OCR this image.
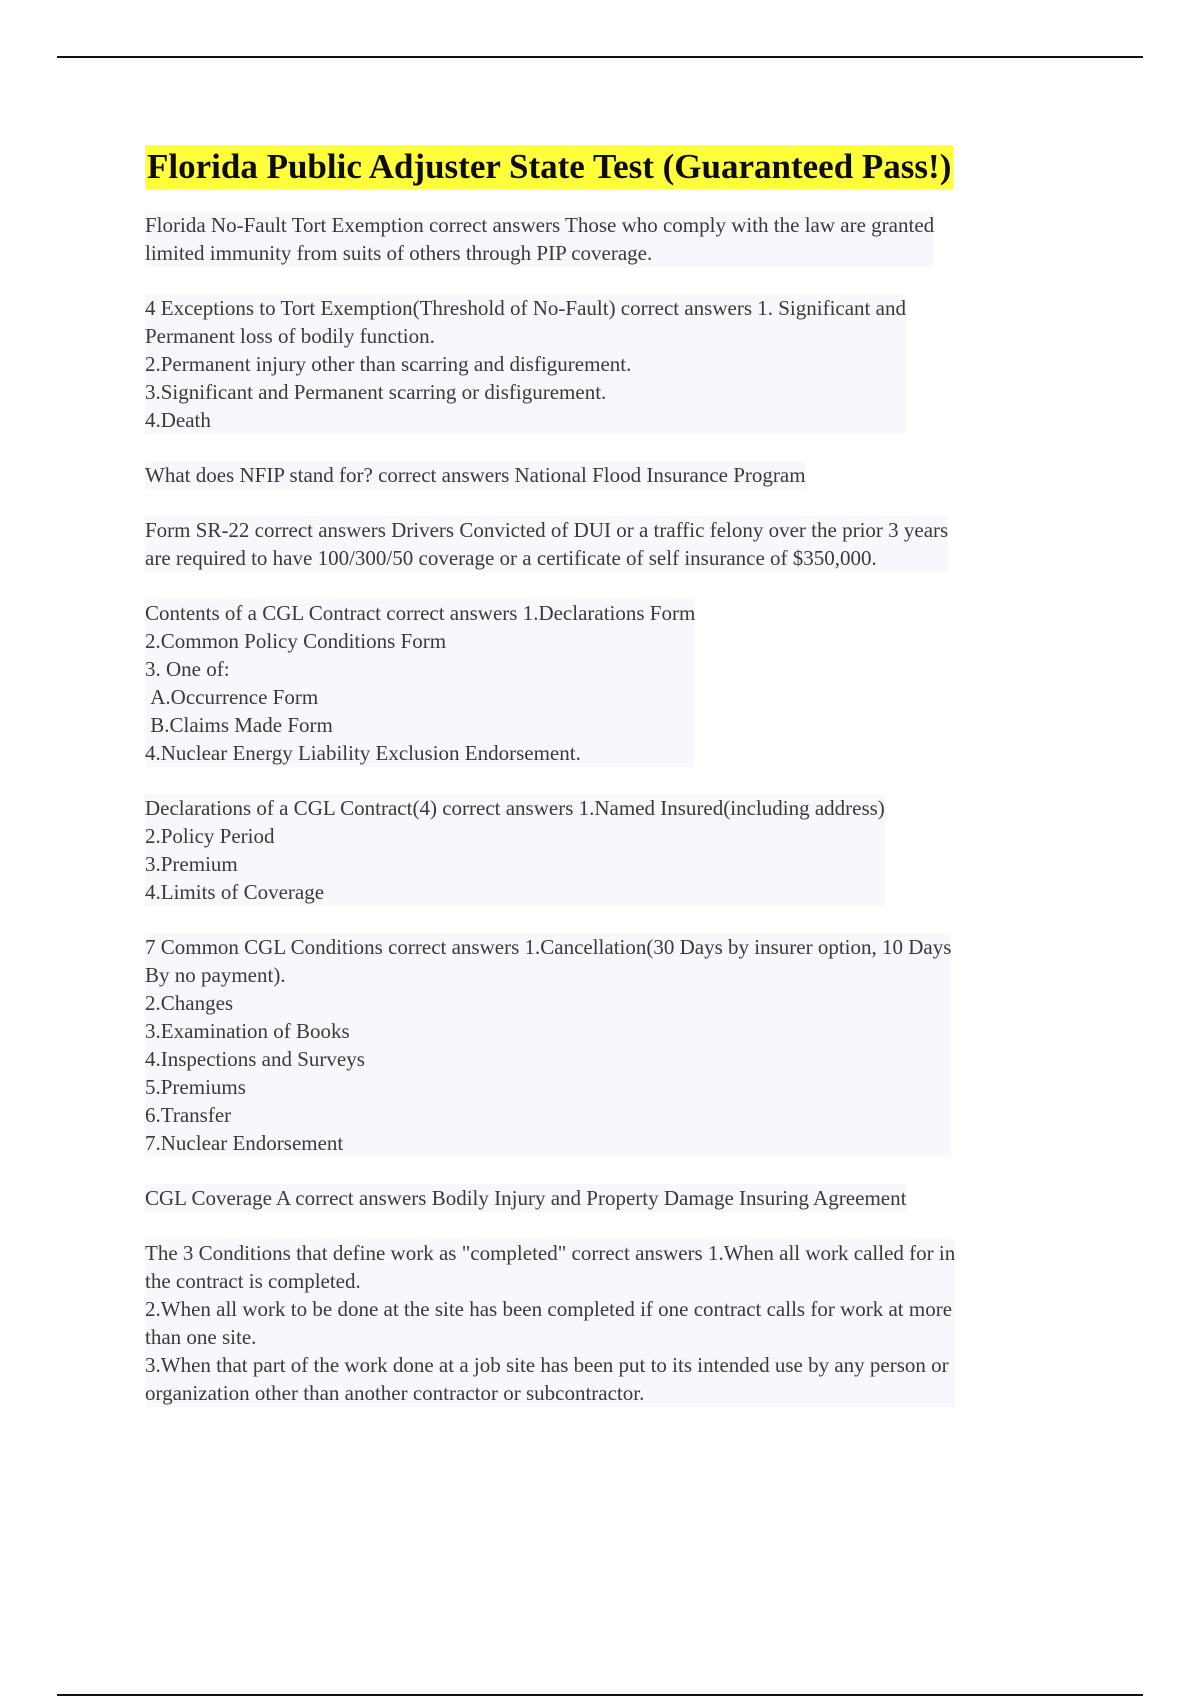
Florida Public Adjuster State Test (Guaranteed Pass!)
Florida No-Fault Tort Exemption correct answers Those who comply with the law are granted
limited immunity from suits of others through PIP coverage.
4 Exceptions to Tort Exemption(Threshold of No-Fault) correct answers 1. Significant and
Permanent loss of bodily function.
2.Permanent injury other than scarring and disfigurement.
3.Significant and Permanent scarring or disfigurement.
4.Death
What does NFIP stand for? correct answers National Flood Insurance Program
Form SR-22 correct answers Drivers Convicted of DUI or a traffic felony over the prior 3 years
are required to have 100/300/50 coverage or a certificate of self insurance of $350,000.
Contents of a CGL Contract correct answers 1.Declarations Form
2.Common Policy Conditions Form
3. One of:
A.Occurrence Form
B.Claims Made Form
4.Nuclear Energy Liability Exclusion Endorsement.
Declarations of a CGL Contract(4) correct answers 1.Named Insured(including address)
2.Policy Period
3.Premium
4.Limits of Coverage
7 Common CGL Conditions correct answers 1.Cancellation(30 Days by insurer option, 10 Days
By no payment).
2.Changes
3.Examination of Books
4.Inspections and Surveys
5.Premiums
6.Transfer
7.Nuclear Endorsement
CGL Coverage A correct answers Bodily Injury and Property Damage Insuring Agreement
The 3 Conditions that define work as "completed" correct answers 1.When all work called for in
the contract is completed.
2.When all work to be done at the site has been completed if one contract calls for work at more
than one site.
3.When that part of the work done at a job site has been put to its intended use by any person or
organization other than another contractor or subcontractor.
